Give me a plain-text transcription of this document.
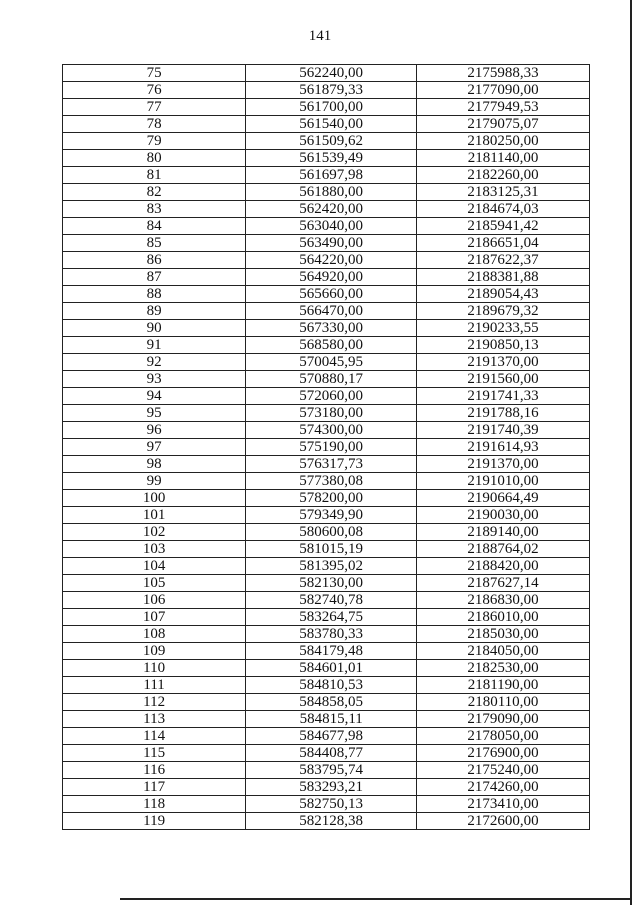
141
75	562240,00	2175988,33
76	561879,33	2177090,00
77	561700,00	2177949,53
78	561540,00	2179075,07
79	561509,62	2180250,00
80	561539,49	2181140,00
81	561697,98	2182260,00
82	561880,00	2183125,31
83	562420,00	2184674,03
84	563040,00	2185941,42
85	563490,00	2186651,04
86	564220,00	2187622,37
87	564920,00	2188381,88
88	565660,00	2189054,43
89	566470,00	2189679,32
90	567330,00	2190233,55
91	568580,00	2190850,13
92	570045,95	2191370,00
93	570880,17	2191560,00
94	572060,00	2191741,33
95	573180,00	2191788,16
96	574300,00	2191740,39
97	575190,00	2191614,93
98	576317,73	2191370,00
99	577380,08	2191010,00
100	578200,00	2190664,49
101	579349,90	2190030,00
102	580600,08	2189140,00
103	581015,19	2188764,02
104	581395,02	2188420,00
105	582130,00	2187627,14
106	582740,78	2186830,00
107	583264,75	2186010,00
108	583780,33	2185030,00
109	584179,48	2184050,00
110	584601,01	2182530,00
111	584810,53	2181190,00
112	584858,05	2180110,00
113	584815,11	2179090,00
114	584677,98	2178050,00
115	584408,77	2176900,00
116	583795,74	2175240,00
117	583293,21	2174260,00
118	582750,13	2173410,00
119	582128,38	2172600,00
